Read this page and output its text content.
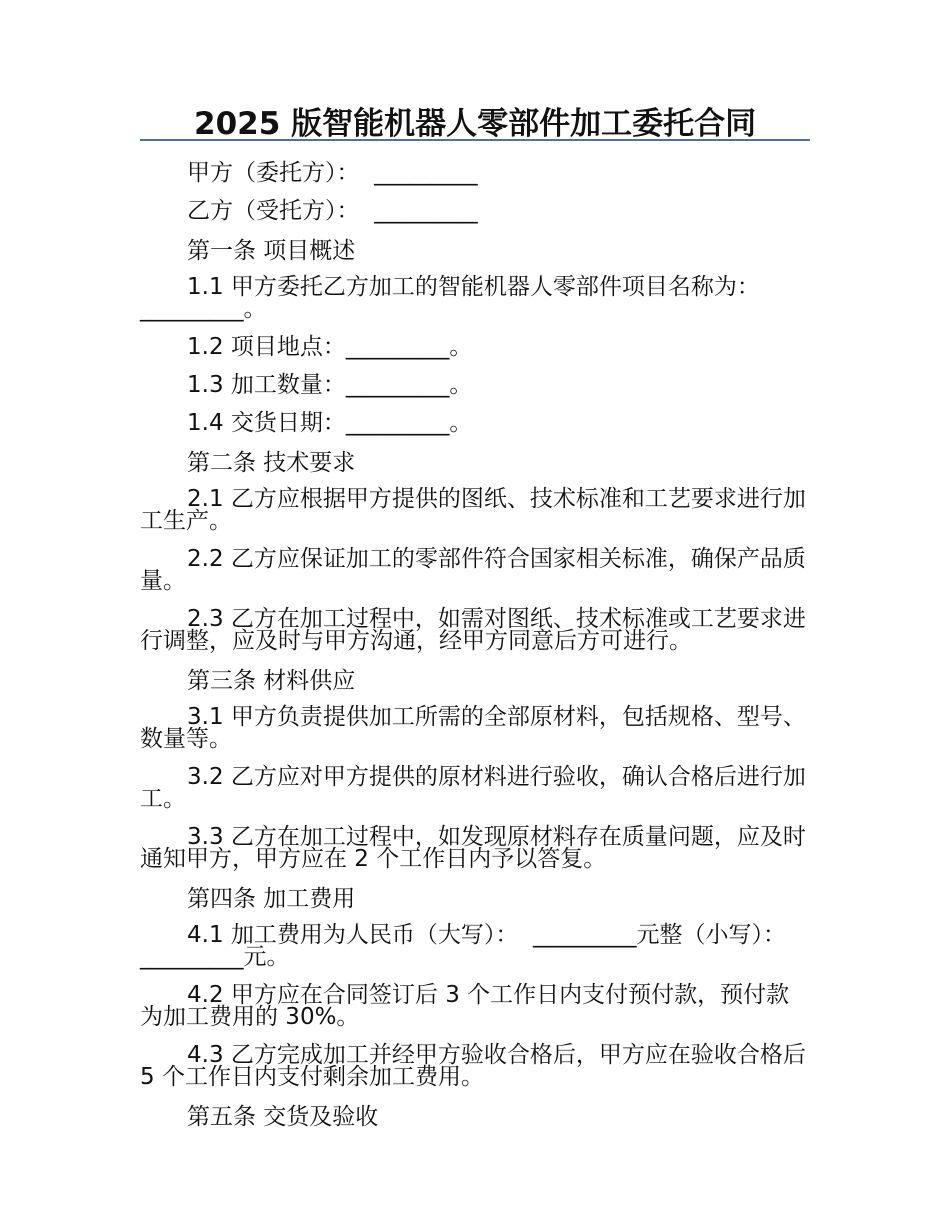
2025 版智能机器人零部件加工委托合同

甲方（委托方）：  _________

乙方（受托方）：  _________

第一条 项目概述

1.1 甲方委托乙方加工的智能机器人零部件项目名称为：_________。

1.2 项目地点：_________。

1.3 加工数量：_________。

1.4 交货日期：_________。

第二条 技术要求

2.1 乙方应根据甲方提供的图纸、技术标准和工艺要求进行加工生产。

2.2 乙方应保证加工的零部件符合国家相关标准，确保产品质量。

2.3 乙方在加工过程中，如需对图纸、技术标准或工艺要求进行调整，应及时与甲方沟通，经甲方同意后方可进行。

第三条 材料供应

3.1 甲方负责提供加工所需的全部原材料，包括规格、型号、数量等。

3.2 乙方应对甲方提供的原材料进行验收，确认合格后进行加工。

3.3 乙方在加工过程中，如发现原材料存在质量问题，应及时通知甲方，甲方应在 2 个工作日内予以答复。

第四条 加工费用

4.1 加工费用为人民币（大写）：  _________元整（小写）：  _________元。

4.2 甲方应在合同签订后 3 个工作日内支付预付款，预付款为加工费用的 30%。

4.3 乙方完成加工并经甲方验收合格后，甲方应在验收合格后 5 个工作日内支付剩余加工费用。

第五条 交货及验收
